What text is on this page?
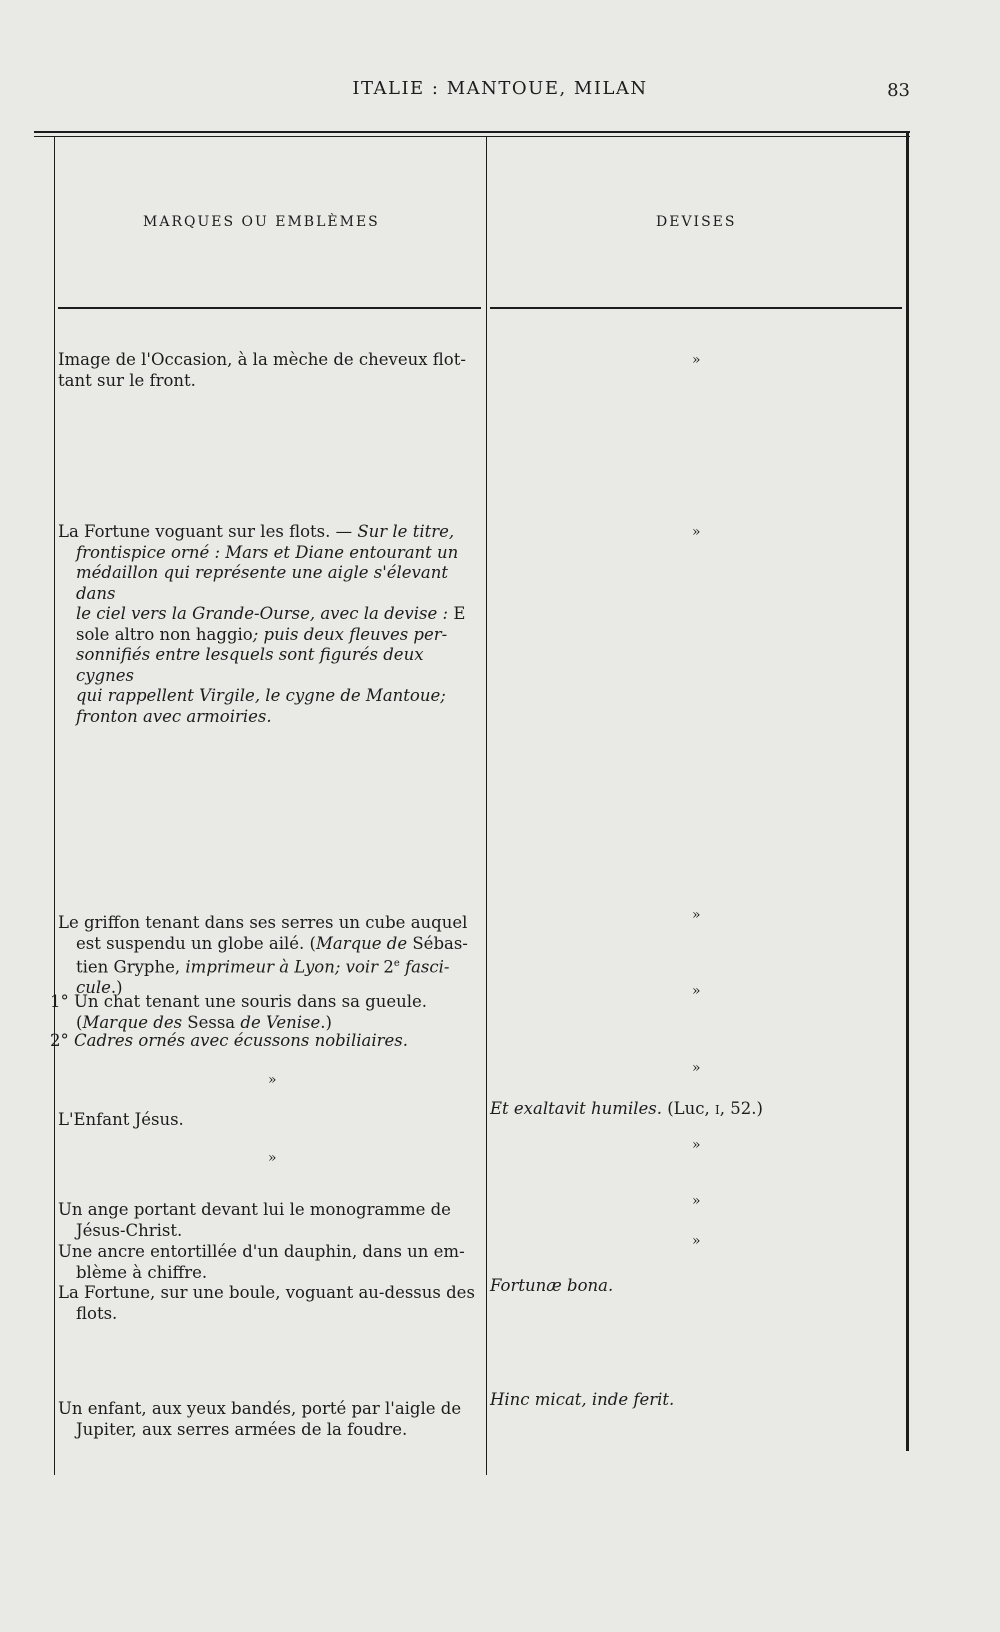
ITALIE : MANTOUE, MILAN	83
MARQUES OU EMBLÈMES	DEVISES

Image de l'Occasion, à la mèche de cheveux flot-

tant sur le front.

»

La Fortune voguant sur les flots. — Sur le titre,

frontispice orné : Mars et Diane entourant un

médaillon qui représente une aigle s'élevant dans

le ciel vers la Grande-Ourse, avec la devise : E

sole altro non haggio; puis deux fleuves per-

sonnifiés entre lesquels sont figurés deux cygnes

qui rappellent Virgile, le cygne de Mantoue;

fronton avec armoiries.

»

Le griffon tenant dans ses serres un cube auquel

est suspendu un globe ailé. (Marque de Sébas-

tien Gryphe, imprimeur à Lyon; voir 2e fasci-

cule.)

»

1° Un chat tenant une souris dans sa gueule.

(Marque des Sessa de Venise.)

»

2° Cadres ornés avec écussons nobiliaires.

»
»

L'Enfant Jésus.

Et exaltavit humiles. (Luc, I, 52.)
»
»

Un ange portant devant lui le monogramme de

Jésus-Christ.

»

Une ancre entortillée d'un dauphin, dans un em-

blème à chiffre.

»

La Fortune, sur une boule, voguant au-dessus des

flots.

Fortunæ bona.

Un enfant, aux yeux bandés, porté par l'aigle de

Jupiter, aux serres armées de la foudre.

Hinc micat, inde ferit.
